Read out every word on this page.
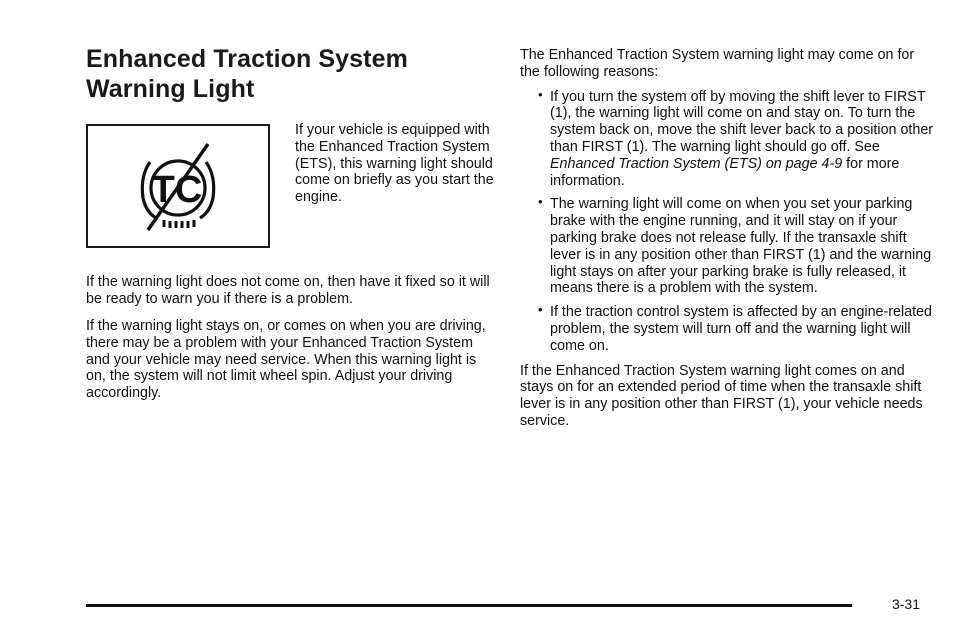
Enhanced Traction System
Warning Light
TC

If your vehicle is equipped with the Enhanced Traction System (ETS), this warning light should come on briefly as you start the engine.

If the warning light does not come on, then have it fixed so it will be ready to warn you if there is a problem.

If the warning light stays on, or comes on when you are driving, there may be a problem with your Enhanced Traction System and your vehicle may need service. When this warning light is on, the system will not limit wheel spin. Adjust your driving accordingly.

The Enhanced Traction System warning light may come on for the following reasons:

• If you turn the system off by moving the shift lever to FIRST (1), the warning light will come on and stay on. To turn the system back on, move the shift lever back to a position other than FIRST (1). The warning light should go off. See Enhanced Traction System (ETS) on page 4-9 for more information.

• The warning light will come on when you set your parking brake with the engine running, and it will stay on if your parking brake does not release fully. If the transaxle shift lever is in any position other than FIRST (1) and the warning light stays on after your parking brake is fully released, it means there is a problem with the system.

• If the traction control system is affected by an engine-related problem, the system will turn off and the warning light will come on.

If the Enhanced Traction System warning light comes on and stays on for an extended period of time when the transaxle shift lever is in any position other than FIRST (1), your vehicle needs service.

3-31
